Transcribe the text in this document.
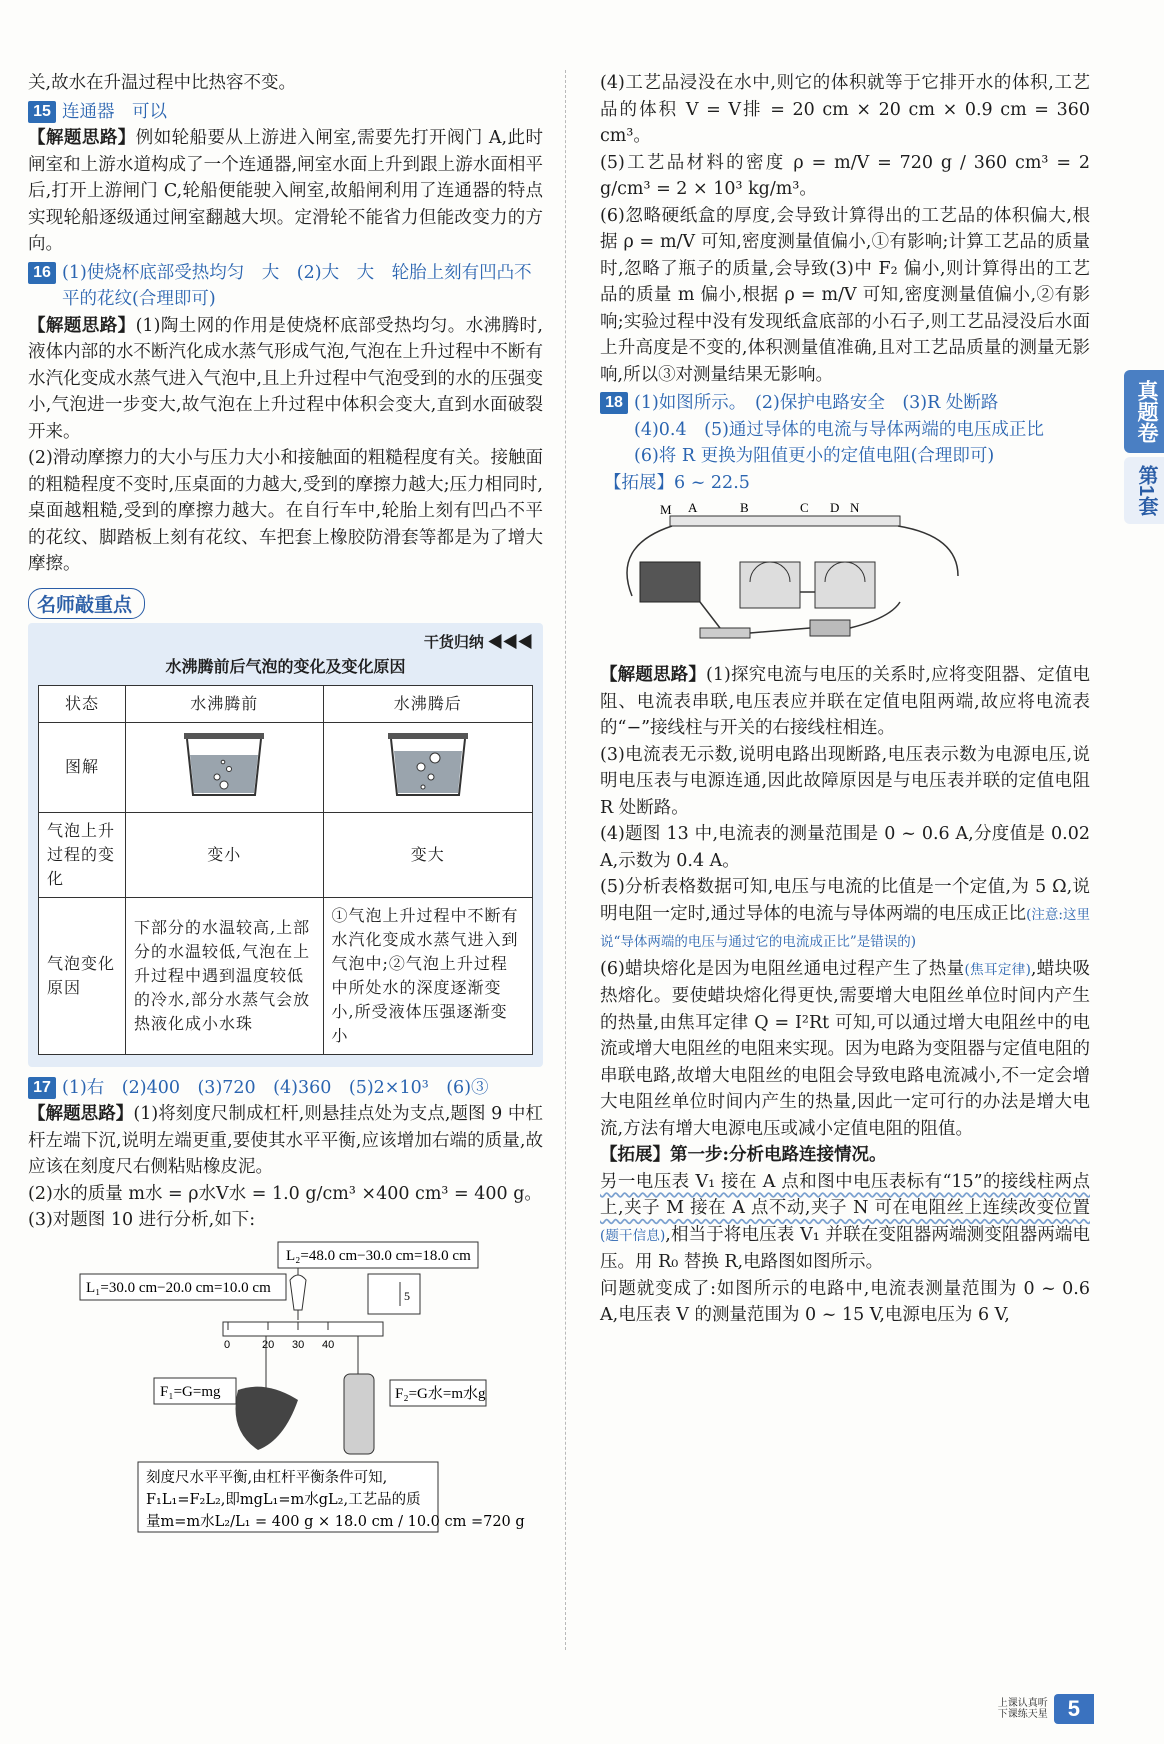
关,故水在升温过程中比热容不变。

15 连通器　可以

【解题思路】例如轮船要从上游进入闸室,需要先打开阀门 A,此时闸室和上游水道构成了一个连通器,闸室水面上升到跟上游水面相平后,打开上游闸门 C,轮船便能驶入闸室,故船闸利用了连通器的特点实现轮船逐级通过闸室翻越大坝。定滑轮不能省力但能改变力的方向。

16 (1)使烧杯底部受热均匀　大　(2)大　大　轮胎上刻有凹凸不平的花纹(合理即可)

【解题思路】(1)陶土网的作用是使烧杯底部受热均匀。水沸腾时,液体内部的水不断汽化成水蒸气形成气泡,气泡在上升过程中不断有水汽化变成水蒸气进入气泡中,且上升过程中气泡受到的水的压强变小,气泡进一步变大,故气泡在上升过程中体积会变大,直到水面破裂开来。

(2)滑动摩擦力的大小与压力大小和接触面的粗糙程度有关。接触面的粗糙程度不变时,压桌面的力越大,受到的摩擦力越大;压力相同时,桌面越粗糙,受到的摩擦力越大。在自行车中,轮胎上刻有凹凸不平的花纹、脚踏板上刻有花纹、车把套上橡胶防滑套等都是为了增大摩擦。

名师敲重点
干货归纳 ◀◀◀
水沸腾前后气泡的变化及变化原因
状态	水沸腾前	水沸腾后
图解		
气泡上升过程的变化	变小	变大
气泡变化原因	下部分的水温较高,上部分的水温较低,气泡在上升过程中遇到温度较低的冷水,部分水蒸气会放热液化成小水珠	①气泡上升过程中不断有水汽化变成水蒸气进入到气泡中;②气泡上升过程中所处水的深度逐渐变小,所受液体压强逐渐变小
17 (1)右　(2)400　(3)720　(4)360　(5)2×10³　(6)③

【解题思路】(1)将刻度尺制成杠杆,则悬挂点处为支点,题图 9 中杠杆左端下沉,说明左端更重,要使其水平平衡,应该增加右端的质量,故应该在刻度尺右侧粘贴橡皮泥。

(2)水的质量 m水 = ρ水V水 = 1.0 g/cm³ ×400 cm³ = 400 g。

(3)对题图 10 进行分析,如下:

L₂=48.0 cm−30.0 cm=18.0 cm
L₁=30.0 cm−20.0 cm=10.0 cm	5
0	20 30 40
F₁=G=mg	F₂=G水=m水g
刻度尺水平平衡,由杠杆平衡条件可知,
F₁L₁=F₂L₂,即mgL₁=m水gL₂,工艺品的质
量m=m水L₂/L₁ = 400 g × 18.0 cm / 10.0 cm =720 g

(4)工艺品浸没在水中,则它的体积就等于它排开水的体积,工艺品的体积 V = V排 = 20 cm × 20 cm × 0.9 cm = 360 cm³。

(5)工艺品材料的密度 ρ = m/V = 720 g / 360 cm³ = 2 g/cm³ = 2 × 10³ kg/m³。

(6)忽略硬纸盒的厚度,会导致计算得出的工艺品的体积偏大,根据 ρ = m/V 可知,密度测量值偏小,①有影响;计算工艺品的质量时,忽略了瓶子的质量,会导致(3)中 F₂ 偏小,则计算得出的工艺品的质量 m 偏小,根据 ρ = m/V 可知,密度测量值偏小,②有影响;实验过程中没有发现纸盒底部的小石子,则工艺品浸没后水面上升高度是不变的,体积测量值准确,且对工艺品质量的测量无影响,所以③对测量结果无影响。

18 (1)如图所示。　(2)保护电路安全　(3)R 处断路
(4)0.4　(5)通过导体的电流与导体两端的电压成正比
(6)将 R 更换为阻值更小的定值电阻(合理即可)
【拓展】6 ~ 22.5
M A	B	C D N

【解题思路】(1)探究电流与电压的关系时,应将变阻器、定值电阻、电流表串联,电压表应并联在定值电阻两端,故应将电流表的“−”接线柱与开关的右接线柱相连。

(3)电流表无示数,说明电路出现断路,电压表示数为电源电压,说明电压表与电源连通,因此故障原因是与电压表并联的定值电阻 R 处断路。

(4)题图 13 中,电流表的测量范围是 0 ~ 0.6 A,分度值是 0.02 A,示数为 0.4 A。

(5)分析表格数据可知,电压与电流的比值是一个定值,为 5 Ω,说明电阻一定时,通过导体的电流与导体两端的电压成正比(注意:这里说“导体两端的电压与通过它的电流成正比”是错误的)

(6)蜡块熔化是因为电阻丝通电过程产生了热量(焦耳定律),蜡块吸热熔化。要使蜡块熔化得更快,需要增大电阻丝单位时间内产生的热量,由焦耳定律 Q = I²Rt 可知,可以通过增大电阻丝中的电流或增大电阻丝的电阻来实现。因为电路为变阻器与定值电阻的串联电路,故增大电阻丝的电阻会导致电路电流减小,不一定会增大电阻丝单位时间内产生的热量,因此一定可行的办法是增大电流,方法有增大电源电压或减小定值电阻的阻值。

【拓展】第一步:分析电路连接情况。

另一电压表 V₁ 接在 A 点和图中电压表标有“15”的接线柱两点上,夹子 M 接在 A 点不动,夹子 N 可在电阻丝上连续改变位置(题干信息),相当于将电压表 V₁ 并联在变阻器两端测变阻器两端电压。用 R₀ 替换 R,电路图如图所示。

问题就变成了:如图所示的电路中,电流表测量范围为 0 ~ 0.6 A,电压表 V 的测量范围为 0 ~ 15 V,电源电压为 6 V,

真题卷
第1套
上课认真听
下课练天星 5
